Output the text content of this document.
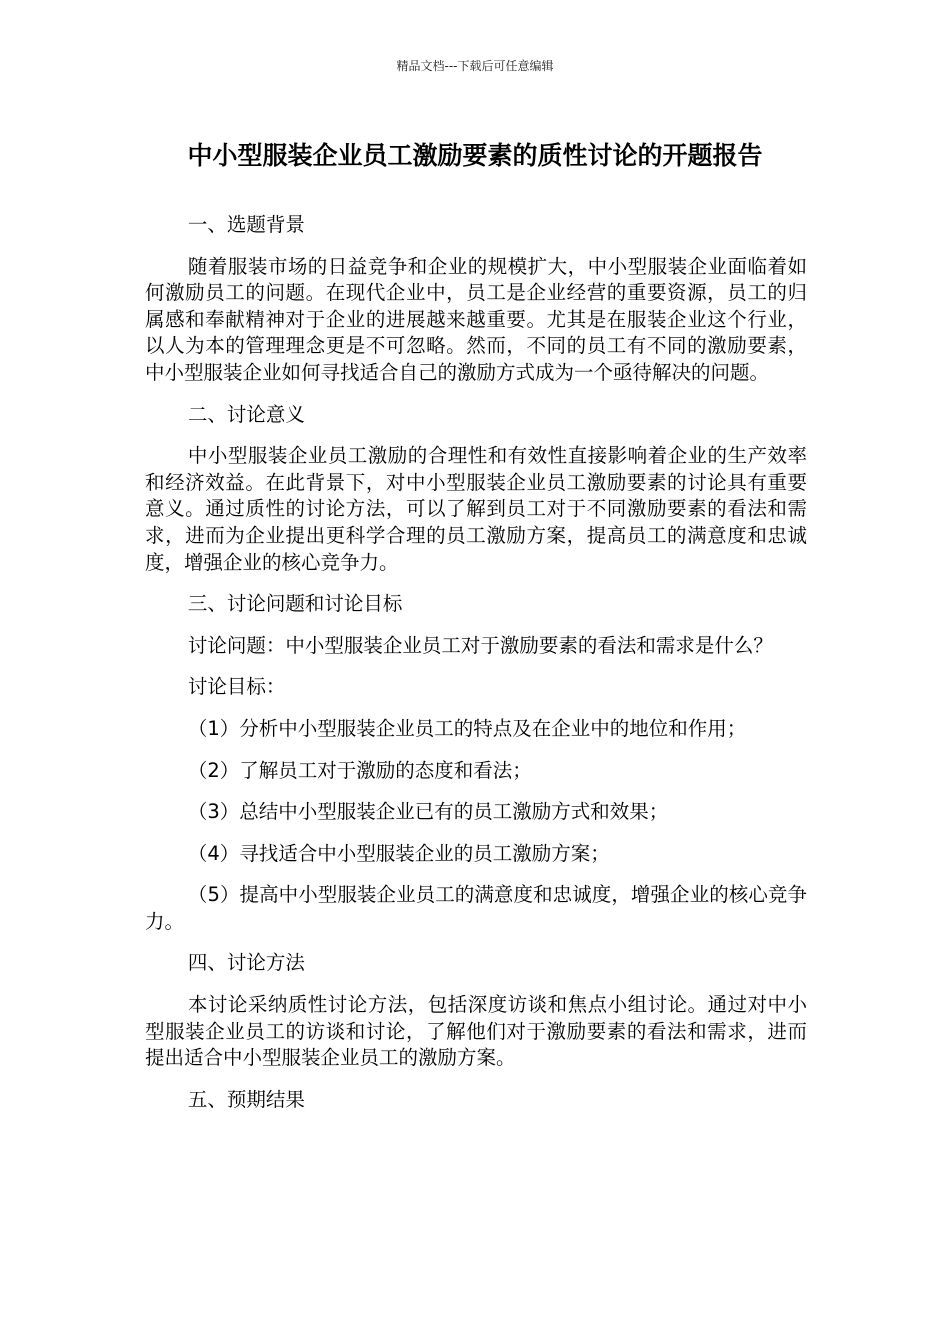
精品文档---下载后可任意编辑
中小型服装企业员工激励要素的质性讨论的开题报告

一、选题背景

随着服装市场的日益竞争和企业的规模扩大，中小型服装企业面临着如何激励员工的问题。在现代企业中，员工是企业经营的重要资源，员工的归属感和奉献精神对于企业的进展越来越重要。尤其是在服装企业这个行业，以人为本的管理理念更是不可忽略。然而，不同的员工有不同的激励要素，中小型服装企业如何寻找适合自己的激励方式成为一个亟待解决的问题。

二、讨论意义

中小型服装企业员工激励的合理性和有效性直接影响着企业的生产效率和经济效益。在此背景下，对中小型服装企业员工激励要素的讨论具有重要意义。通过质性的讨论方法，可以了解到员工对于不同激励要素的看法和需求，进而为企业提出更科学合理的员工激励方案，提高员工的满意度和忠诚度，增强企业的核心竞争力。

三、讨论问题和讨论目标

讨论问题：中小型服装企业员工对于激励要素的看法和需求是什么？

讨论目标：

（1）分析中小型服装企业员工的特点及在企业中的地位和作用；

（2）了解员工对于激励的态度和看法；

（3）总结中小型服装企业已有的员工激励方式和效果；

（4）寻找适合中小型服装企业的员工激励方案；

（5）提高中小型服装企业员工的满意度和忠诚度，增强企业的核心竞争力。

四、讨论方法

本讨论采纳质性讨论方法，包括深度访谈和焦点小组讨论。通过对中小型服装企业员工的访谈和讨论，了解他们对于激励要素的看法和需求，进而提出适合中小型服装企业员工的激励方案。

五、预期结果
